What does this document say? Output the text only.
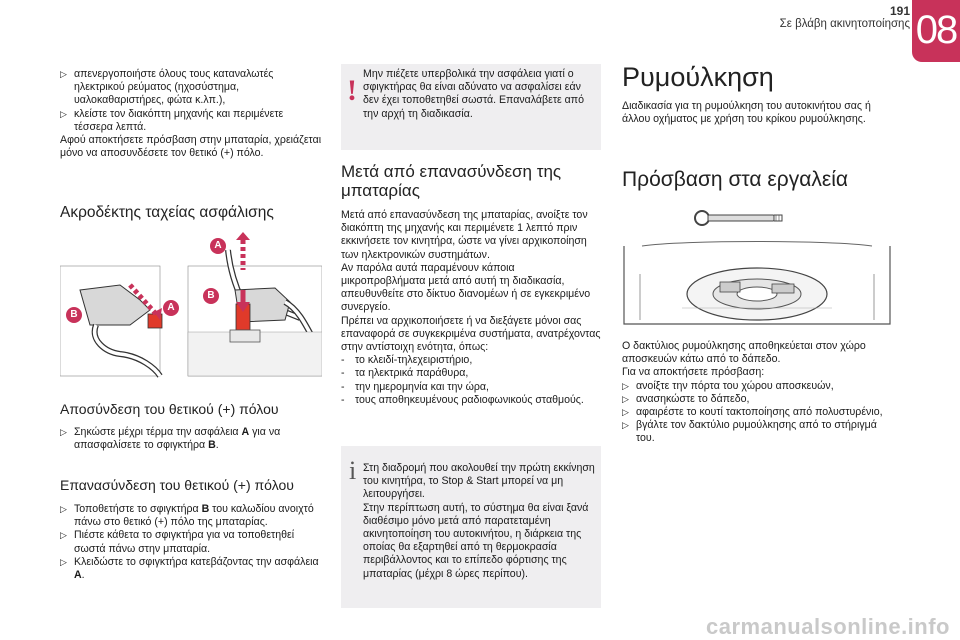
191
Σε βλάβη ακινητοποίησης 08

▷ απενεργοποιήστε όλους τους καταναλωτές ηλεκτρικού ρεύματος (ηχοσύστημα, υαλοκαθαριστήρες, φώτα κ.λπ.),

▷ κλείστε τον διακόπτη μηχανής και περιμένετε τέσσερα λεπτά.

Αφού αποκτήσετε πρόσβαση στην μπαταρία, χρειάζεται μόνο να αποσυνδέσετε τον θετικό (+) πόλο.

Ακροδέκτης ταχείας ασφάλισης
B
A
A
B
Αποσύνδεση του θετικού (+) πόλου

▷ Σηκώστε μέχρι τέρμα την ασφάλεια A για να απασφαλίσετε το σφιγκτήρα B.

Επανασύνδεση του θετικού (+) πόλου

▷ Τοποθετήστε το σφιγκτήρα B του καλωδίου ανοιχτό πάνω στο θετικό (+) πόλο της μπαταρίας.

▷ Πιέστε κάθετα το σφιγκτήρα για να τοποθετηθεί σωστά πάνω στην μπαταρία.

▷ Κλειδώστε το σφιγκτήρα κατεβάζοντας την ασφάλεια A.

! Μην πιέζετε υπερβολικά την ασφάλεια γιατί ο σφιγκτήρας θα είναι αδύνατο να ασφαλίσει εάν δεν έχει τοποθετηθεί σωστά. Επαναλάβετε από την αρχή τη διαδικασία.

Μετά από επανασύνδεση της μπαταρίας

Μετά από επανασύνδεση της μπαταρίας, ανοίξτε τον διακόπτη της μηχανής και περιμένετε 1 λεπτό πριν εκκινήσετε τον κινητήρα, ώστε να γίνει αρχικοποίηση των ηλεκτρονικών συστημάτων.

Αν παρόλα αυτά παραμένουν κάποια μικροπροβλήματα μετά από αυτή τη διαδικασία, απευθυνθείτε στο δίκτυο διανομέων ή σε εγκεκριμένο συνεργείο.

Πρέπει να αρχικοποιήσετε ή να διεξάγετε μόνοι σας επαναφορά σε συγκεκριμένα συστήματα, ανατρέχοντας στην αντίστοιχη ενότητα, όπως:

- το κλειδί-τηλεχειριστήριο,

- τα ηλεκτρικά παράθυρα,

- την ημερομηνία και την ώρα,

- τους αποθηκευμένους ραδιοφωνικούς σταθμούς.

i Στη διαδρομή που ακολουθεί την πρώτη εκκίνηση του κινητήρα, το Stop & Start μπορεί να μη λειτουργήσει.

Στην περίπτωση αυτή, το σύστημα θα είναι ξανά διαθέσιμο μόνο μετά από παρατεταμένη ακινητοποίηση του αυτοκινήτου, η διάρκεια της οποίας θα εξαρτηθεί από τη θερμοκρασία περιβάλλοντος και το επίπεδο φόρτισης της μπαταρίας (μέχρι 8 ώρες περίπου).

Ρυμούλκηση

Διαδικασία για τη ρυμούλκηση του αυτοκινήτου σας ή άλλου οχήματος με χρήση του κρίκου ρυμούλκησης.

Πρόσβαση στα εργαλεία

Ο δακτύλιος ρυμούλκησης αποθηκεύεται στον χώρο αποσκευών κάτω από το δάπεδο.

Για να αποκτήσετε πρόσβαση:

▷ ανοίξτε την πόρτα του χώρου αποσκευών,

▷ ανασηκώστε το δάπεδο,

▷ αφαιρέστε το κουτί τακτοποίησης από πολυστυρένιο,

▷ βγάλτε τον δακτύλιο ρυμούλκησης από το στήριγμά του.

carmanualsonline.info
